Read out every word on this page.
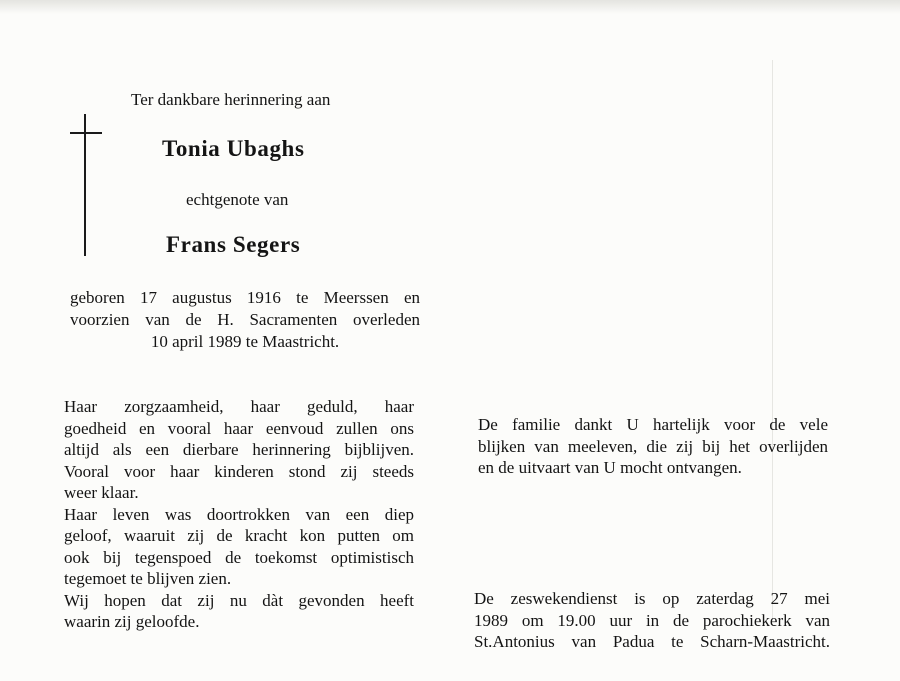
Ter dankbare herinnering aan

Tonia Ubaghs

echtgenote van

Frans Segers

geboren 17 augustus 1916 te Meerssen en
voorzien van de H. Sacramenten overleden
10 april 1989 te Maastricht.
Haar zorgzaamheid, haar geduld, haar
goedheid en vooral haar eenvoud zullen ons
altijd als een dierbare herinnering bijblijven.
Vooral voor haar kinderen stond zij steeds
weer klaar.
Haar leven was doortrokken van een diep
geloof, waaruit zij de kracht kon putten om
ook bij tegenspoed de toekomst optimistisch
tegemoet te blijven zien.
Wij hopen dat zij nu dàt gevonden heeft
waarin zij geloofde.
De familie dankt U hartelijk voor de vele
blijken van meeleven, die zij bij het overlijden
en de uitvaart van U mocht ontvangen.
De zeswekendienst is op zaterdag 27 mei
1989 om 19.00 uur in de parochiekerk van
St.Antonius van Padua te Scharn-Maastricht.
